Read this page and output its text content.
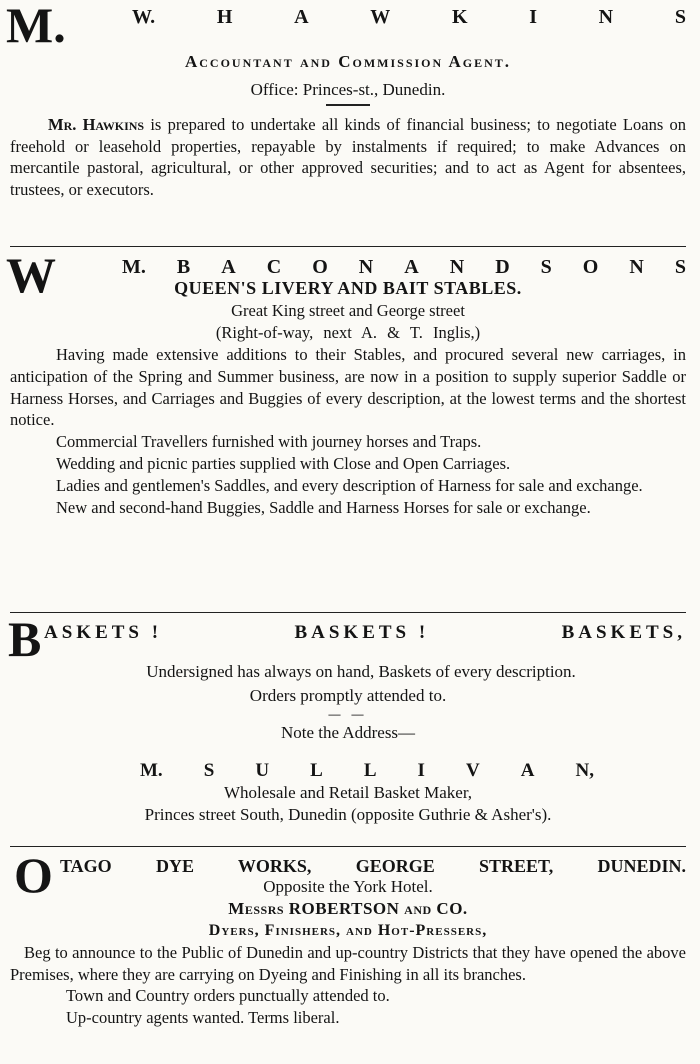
M.	W.	H	A	W	K	I	N	S
Accountant and Commission Agent.
Office: Princes-st., Dunedin.

Mr. Hawkins is prepared to undertake all kinds of financial business; to negotiate Loans on freehold or leasehold properties, repayable by instalments if required; to make Advances on mercantile pastoral, agricultural, or other approved securities; and to act as Agent for absentees, trustees, or executors.

W	M. B A C O N A N D S O N S
QUEEN'S LIVERY AND BAIT STABLES.
Great King street and George street
(Right-of-way, next A. & T. Inglis,)

Having made extensive additions to their Stables, and procured several new carriages, in anticipation of the Spring and Summer business, are now in a position to supply superior Saddle or Harness Horses, and Carriages and Buggies of every description, at the lowest terms and the shortest notice.

Commercial Travellers furnished with journey horses and Traps.

Wedding and picnic parties supplied with Close and Open Carriages.

Ladies and gentlemen's Saddles, and every description of Harness for sale and exchange.

New and second-hand Buggies, Saddle and Harness Horses for sale or exchange.

B ASKETS !	BASKETS !	BASKETS,
Undersigned has always on hand, Baskets of every description.
Orders promptly attended to.
— —
Note the Address—
M. S U L L I V A N,
Wholesale and Retail Basket Maker,
Princes street South, Dunedin (opposite Guthrie & Asher's).
O TAGO DYE WORKS, GEORGE STREET, DUNEDIN.
Opposite the York Hotel.
Messrs ROBERTSON and CO.
Dyers, Finishers, and Hot-Pressers,

Beg to announce to the Public of Dunedin and up-country Districts that they have opened the above Premises, where they are carrying on Dyeing and Finishing in all its branches.

Town and Country orders punctually attended to.
Up-country agents wanted. Terms liberal.
